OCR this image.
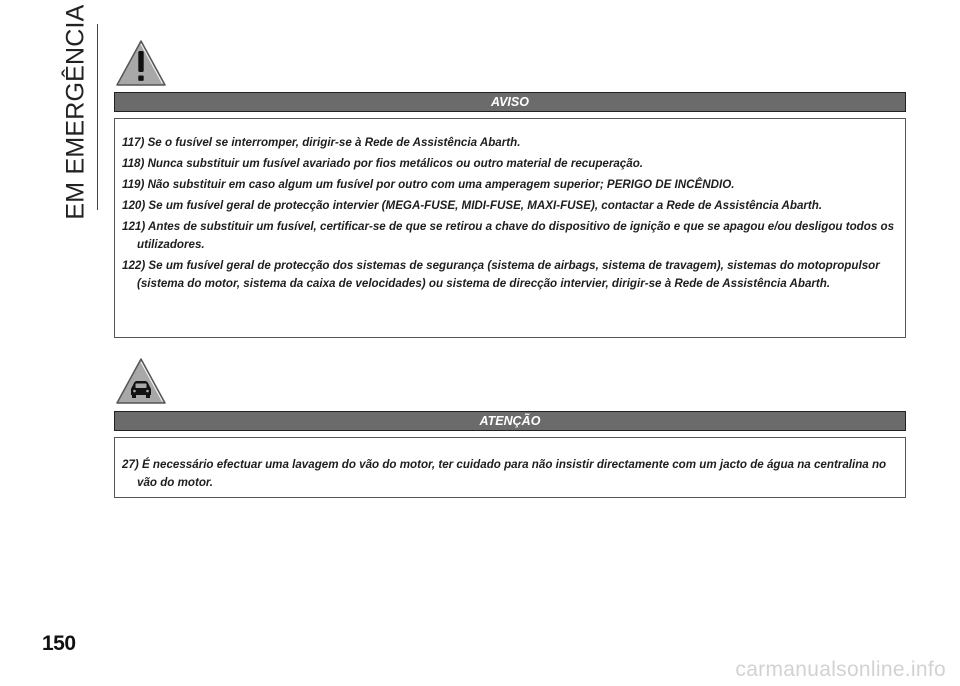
EM EMERGÊNCIA	AVISO
117) Se o fusível se interromper, dirigir-se à Rede de Assistência Abarth.
118) Nunca substituir um fusível avariado por fios metálicos ou outro material de recuperação.
119) Não substituir em caso algum um fusível por outro com uma amperagem superior; PERIGO DE INCÊNDIO.
120) Se um fusível geral de protecção intervier (MEGA-FUSE, MIDI-FUSE, MAXI-FUSE), contactar a Rede de Assistência Abarth.
121) Antes de substituir um fusível, certificar-se de que se retirou a chave do dispositivo de ignição e que se apagou e/ou desligou todos os utilizadores.
122) Se um fusível geral de protecção dos sistemas de segurança (sistema de airbags, sistema de travagem), sistemas do motopropulsor (sistema do motor, sistema da caixa de velocidades) ou sistema de direcção intervier, dirigir-se à Rede de Assistência Abarth.
ATENÇÃO
27) É necessário efectuar uma lavagem do vão do motor, ter cuidado para não insistir directamente com um jacto de água na centralina no vão do motor.
150
carmanualsonline.info
